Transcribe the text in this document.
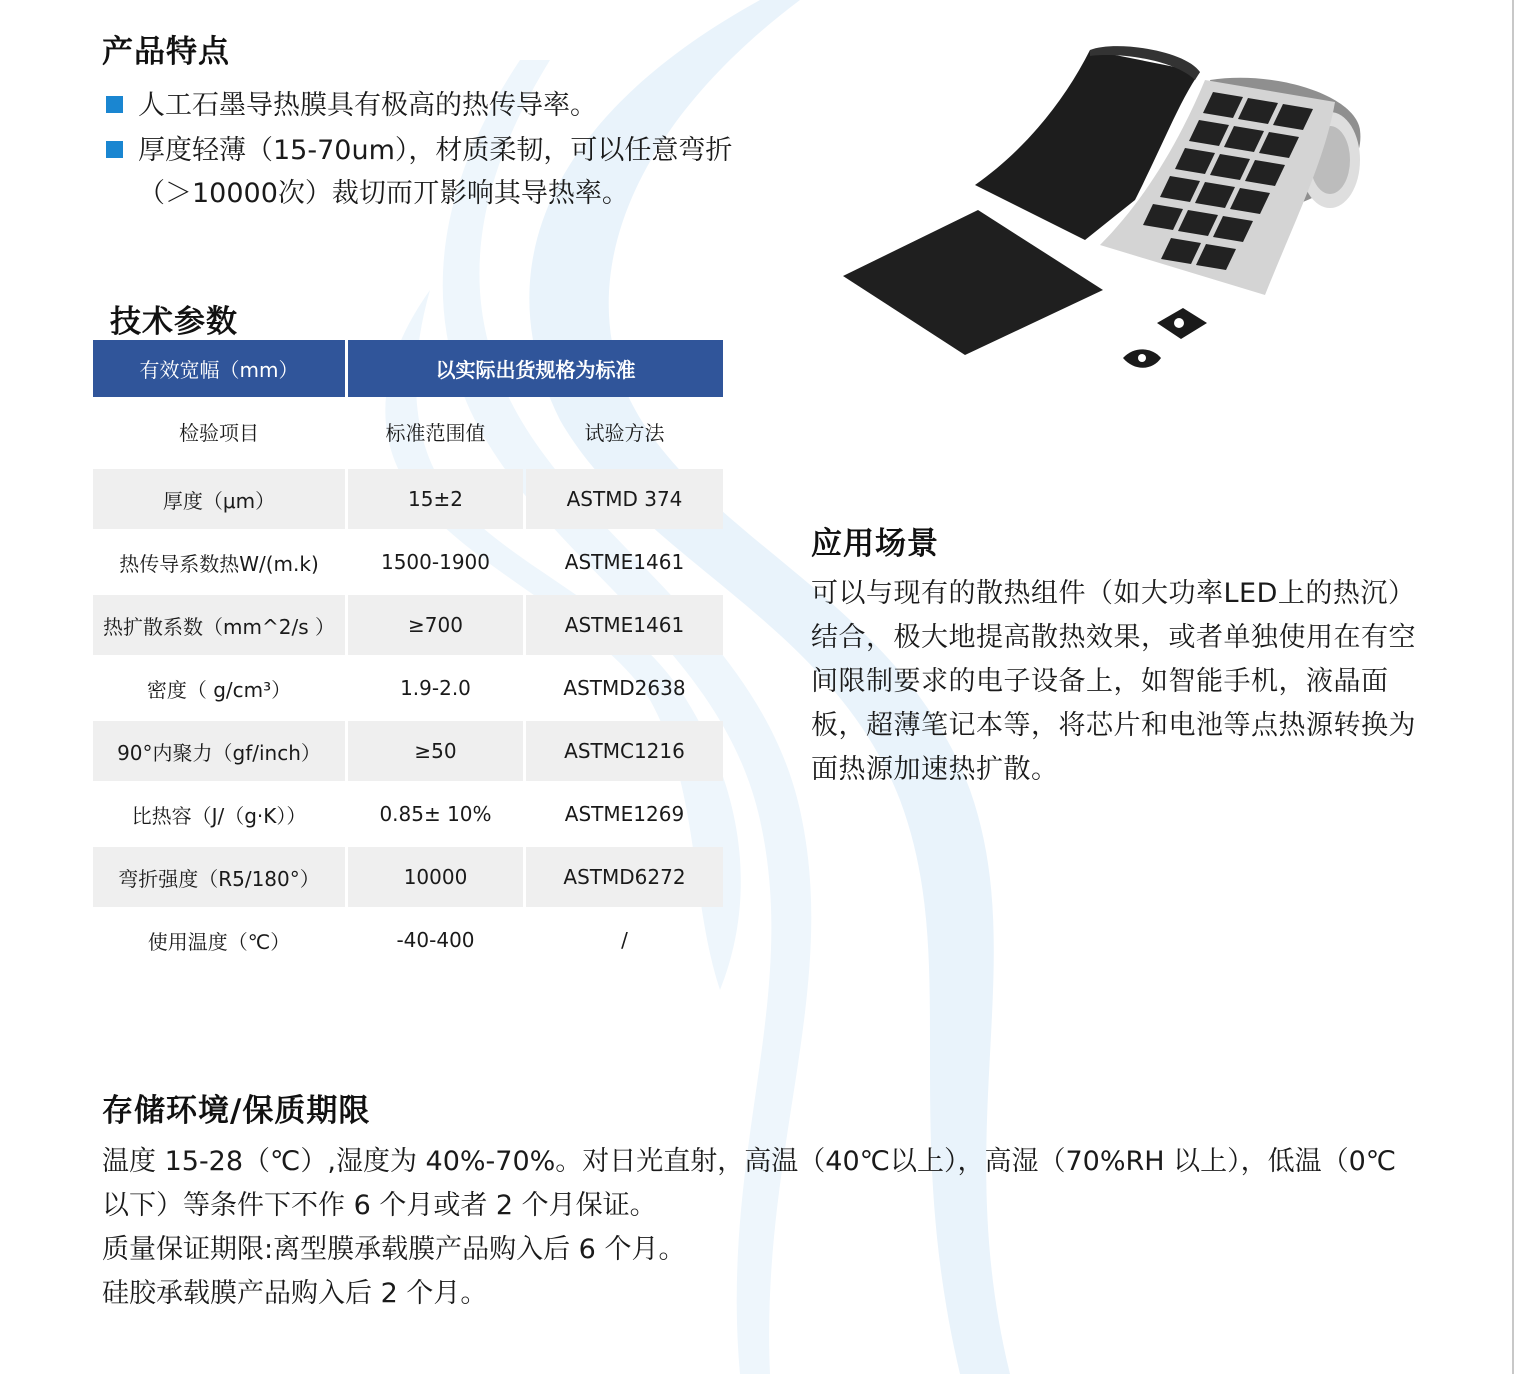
产品特点
人工石墨导热膜具有极高的热传导率。
厚度轻薄（15-70um），材质柔韧，可以任意弯折（＞10000次）裁切而丌影响其导热率。
技术参数
有效宽幅（mm）	以实际出货规格为标准
检验项目	标准范围值	试验方法
厚度（μm）	15±2	ASTMD 374
热传导系数热W/(m.k)	1500-1900	ASTME1461
热扩散系数（mm^2/s ）	≥700	ASTME1461
密度（ g/cm³）	1.9-2.0	ASTMD2638
90°内聚力（gf/inch）	≥50	ASTMC1216
比热容（J/（g·K））	0.85± 10%	ASTME1269
弯折强度（R5/180°）	10000	ASTMD6272
使用温度（℃）	-40-400	/
应用场景
可以与现有的散热组件（如大功率LED上的热沉）结合，极大地提高散热效果，或者单独使用在有空间限制要求的电子设备上，如智能手机，液晶面板，超薄笔记本等，将芯片和电池等点热源转换为面热源加速热扩散。
存储环境/保质期限

温度 15-28（℃）,湿度为 40%-70%。对日光直射，高温（40℃以上），高湿（70%RH 以上），低温（0℃以下）等条件下不作 6 个月或者 2 个月保证。

质量保证期限:离型膜承载膜产品购入后 6 个月。

硅胶承载膜产品购入后 2 个月。
